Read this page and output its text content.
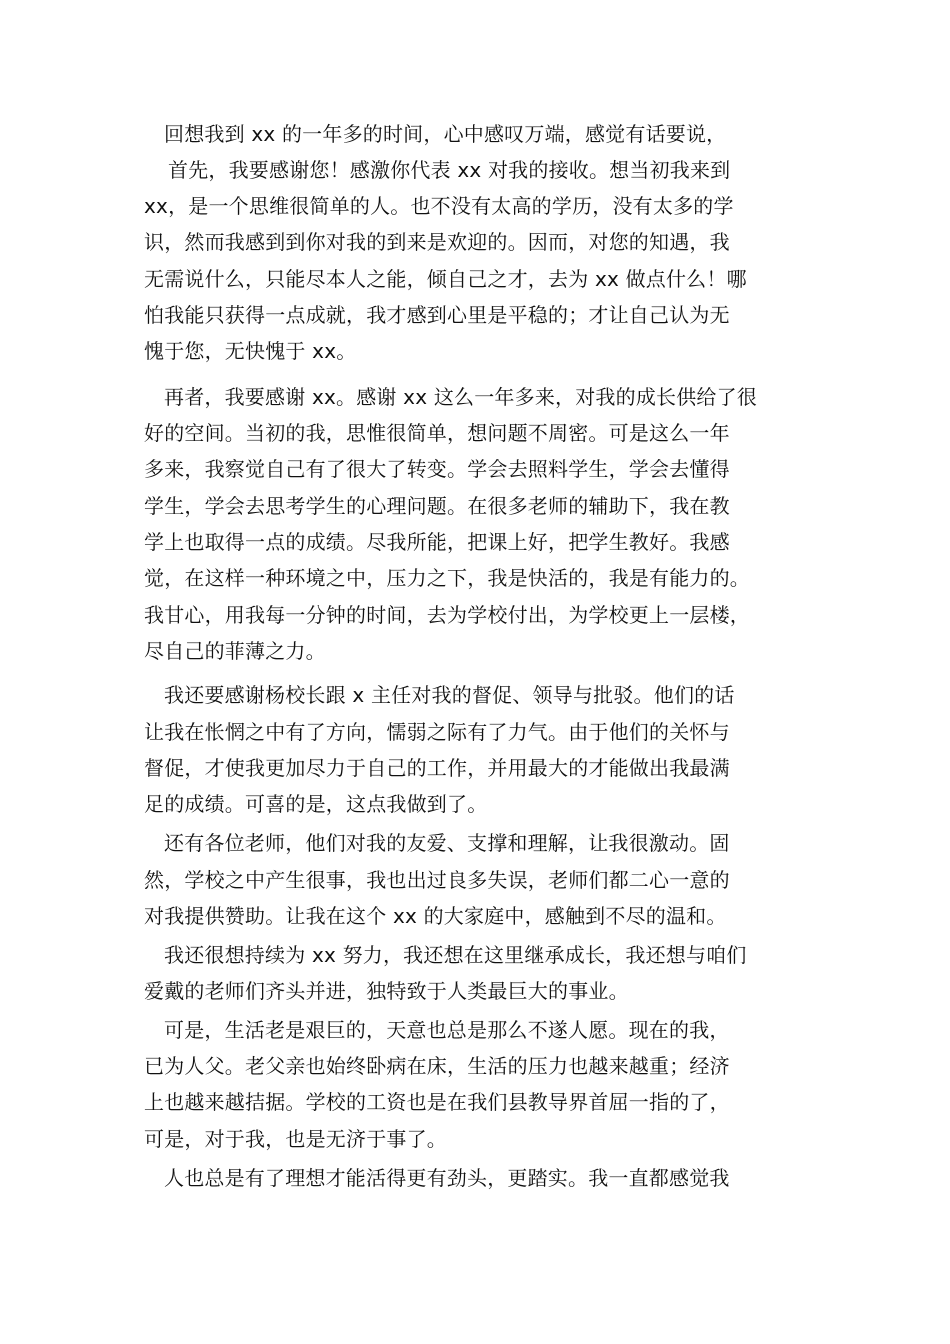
回想我到 xx 的一年多的时间，心中感叹万端，感觉有话要说，
首先，我要感谢您！感激你代表 xx 对我的接收。想当初我来到
xx，是一个思维很简单的人。也不没有太高的学历，没有太多的学
识，然而我感到到你对我的到来是欢迎的。因而，对您的知遇，我
无需说什么，只能尽本人之能，倾自己之才，去为 xx 做点什么！哪
怕我能只获得一点成就，我才感到心里是平稳的；才让自己认为无
愧于您，无快愧于 xx。
再者，我要感谢 xx。感谢 xx 这么一年多来，对我的成长供给了很
好的空间。当初的我，思惟很简单，想问题不周密。可是这么一年
多来，我察觉自己有了很大了转变。学会去照料学生，学会去懂得
学生，学会去思考学生的心理问题。在很多老师的辅助下，我在教
学上也取得一点的成绩。尽我所能，把课上好，把学生教好。我感
觉，在这样一种环境之中，压力之下，我是快活的，我是有能力的。
我甘心，用我每一分钟的时间，去为学校付出，为学校更上一层楼，
尽自己的菲薄之力。
我还要感谢杨校长跟 x 主任对我的督促、领导与批驳。他们的话
让我在怅惘之中有了方向，懦弱之际有了力气。由于他们的关怀与
督促，才使我更加尽力于自己的工作，并用最大的才能做出我最满
足的成绩。可喜的是，这点我做到了。
还有各位老师，他们对我的友爱、支撑和理解，让我很激动。固
然，学校之中产生很事，我也出过良多失误，老师们都二心一意的
对我提供赞助。让我在这个 xx 的大家庭中，感触到不尽的温和。
我还很想持续为 xx 努力，我还想在这里继承成长，我还想与咱们
爱戴的老师们齐头并进，独特致于人类最巨大的事业。
可是，生活老是艰巨的，天意也总是那么不遂人愿。现在的我，
已为人父。老父亲也始终卧病在床，生活的压力也越来越重；经济
上也越来越拮据。学校的工资也是在我们县教导界首屈一指的了，
可是，对于我，也是无济于事了。
人也总是有了理想才能活得更有劲头，更踏实。我一直都感觉我
